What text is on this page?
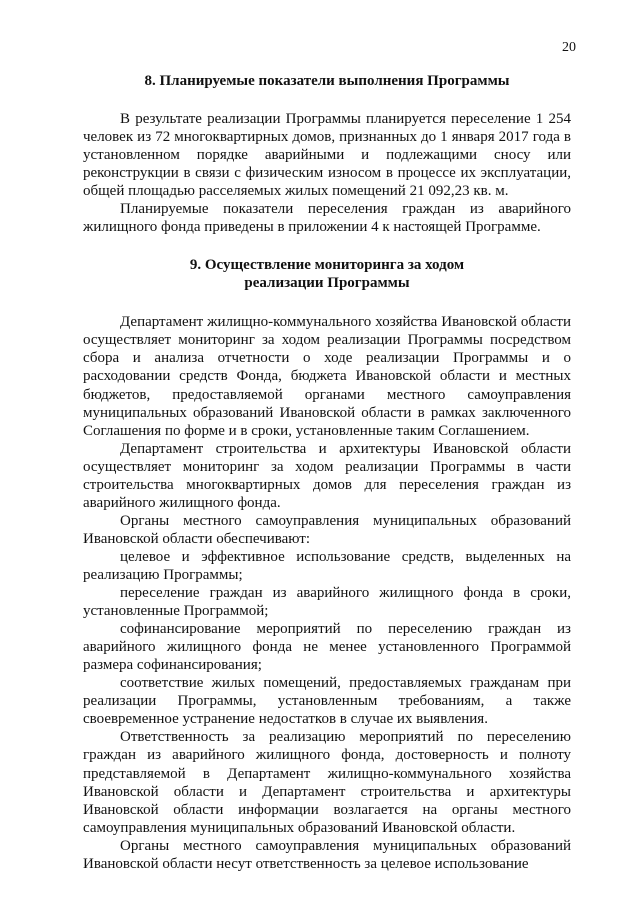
20
8. Планируемые показатели выполнения Программы

В результате реализации Программы планируется переселение 1 254 человек из 72 многоквартирных домов, признанных до 1 января 2017 года в установленном порядке аварийными и подлежащими сносу или реконструкции в связи с физическим износом в процессе их эксплуатации, общей площадью расселяемых жилых помещений 21 092,23 кв. м.

Планируемые показатели переселения граждан из аварийного жилищного фонда приведены в приложении 4 к настоящей Программе.

9. Осуществление мониторинга за ходом
реализации Программы

Департамент жилищно-коммунального хозяйства Ивановской области осуществляет мониторинг за ходом реализации Программы посредством сбора и анализа отчетности о ходе реализации Программы и о расходовании средств Фонда, бюджета Ивановской области и местных бюджетов, предоставляемой органами местного самоуправления муниципальных образований Ивановской области в рамках заключенного Соглашения по форме и в сроки, установленные таким Соглашением.

Департамент строительства и архитектуры Ивановской области осуществляет мониторинг за ходом реализации Программы в части строительства многоквартирных домов для переселения граждан из аварийного жилищного фонда.

Органы местного самоуправления муниципальных образований Ивановской области обеспечивают:

целевое и эффективное использование средств, выделенных на реализацию Программы;

переселение граждан из аварийного жилищного фонда в сроки, установленные Программой;

софинансирование мероприятий по переселению граждан из аварийного жилищного фонда не менее установленного Программой размера софинансирования;

соответствие жилых помещений, предоставляемых гражданам при реализации Программы, установленным требованиям, а также своевременное устранение недостатков в случае их выявления.

Ответственность за реализацию мероприятий по переселению граждан из аварийного жилищного фонда, достоверность и полноту представляемой в Департамент жилищно-коммунального хозяйства Ивановской области и Департамент строительства и архитектуры Ивановской области информации возлагается на органы местного самоуправления муниципальных образований Ивановской области.

Органы местного самоуправления муниципальных образований Ивановской области несут ответственность за целевое использование
